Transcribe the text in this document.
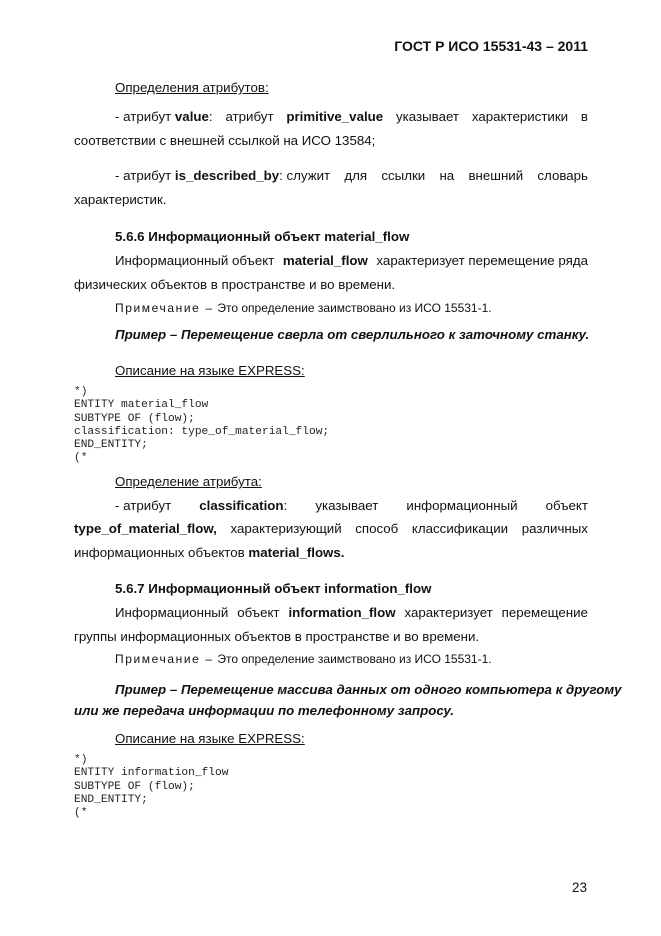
ГОСТ Р ИСО 15531-43 – 2011
Определения атрибутов:
- атрибут value: атрибут primitive_value указывает характеристики в
соответствии с внешней ссылкой на ИСО 13584;
- атрибут is_described_by: служит для ссылки на внешний словарь
характеристик.
5.6.6 Информационный объект material_flow
Информационный объект material_flow характеризует перемещение ряда
физических объектов в пространстве и во времени.
Примечание – Это определение заимствовано из ИСО 15531-1.
Пример – Перемещение сверла от сверлильного к заточному станку.
Описание на языке EXPRESS:
*)
ENTITY material_flow
SUBTYPE OF (flow);
classification: type_of_material_flow;
END_ENTITY;
(*
Определение атрибута:
- атрибут classification: указывает информационный объект
type_of_material_flow, характеризующий способ классификации различных
информационных объектов material_flows.
5.6.7 Информационный объект information_flow
Информационный объект information_flow характеризует перемещение
группы информационных объектов в пространстве и во времени.
Примечание – Это определение заимствовано из ИСО 15531-1.
Пример – Перемещение массива данных от одного компьютера к другому
или же передача информации по телефонному запросу.
Описание на языке EXPRESS:
*)
ENTITY information_flow
SUBTYPE OF (flow);
END_ENTITY;
(*
23
